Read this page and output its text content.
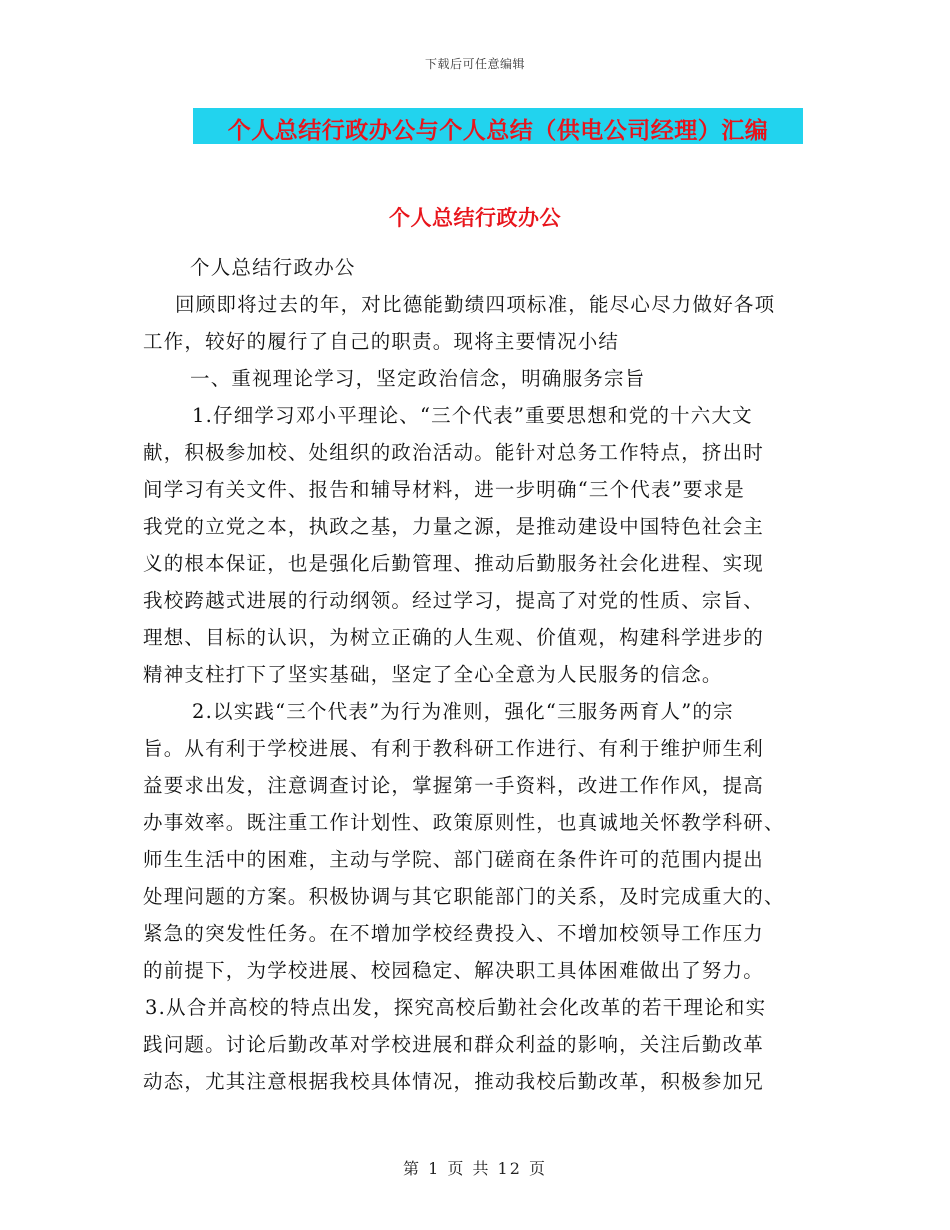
下载后可任意编辑
个人总结行政办公与个人总结（供电公司经理）汇编
个人总结行政办公
个人总结行政办公
回顾即将过去的年，对比德能勤绩四项标准，能尽心尽力做好各项
工作，较好的履行了自己的职责。现将主要情况小结
一、重视理论学习，坚定政治信念，明确服务宗旨
1.仔细学习邓小平理论、“三个代表”重要思想和党的十六大文
献，积极参加校、处组织的政治活动。能针对总务工作特点，挤出时
间学习有关文件、报告和辅导材料，进一步明确“三个代表”要求是
我党的立党之本，执政之基，力量之源，是推动建设中国特色社会主
义的根本保证，也是强化后勤管理、推动后勤服务社会化进程、实现
我校跨越式进展的行动纲领。经过学习，提高了对党的性质、宗旨、
理想、目标的认识，为树立正确的人生观、价值观，构建科学进步的
精神支柱打下了坚实基础，坚定了全心全意为人民服务的信念。
2.以实践“三个代表”为行为准则，强化“三服务两育人”的宗
旨。从有利于学校进展、有利于教科研工作进行、有利于维护师生利
益要求出发，注意调查讨论，掌握第一手资料，改进工作作风，提高
办事效率。既注重工作计划性、政策原则性，也真诚地关怀教学科研、
师生生活中的困难，主动与学院、部门磋商在条件许可的范围内提出
处理问题的方案。积极协调与其它职能部门的关系，及时完成重大的、
紧急的突发性任务。在不增加学校经费投入、不增加校领导工作压力
的前提下，为学校进展、校园稳定、解决职工具体困难做出了努力。
3.从合并高校的特点出发，探究高校后勤社会化改革的若干理论和实
践问题。讨论后勤改革对学校进展和群众利益的影响，关注后勤改革
动态，尤其注意根据我校具体情况，推动我校后勤改革，积极参加兄
第 1 页 共 12 页
